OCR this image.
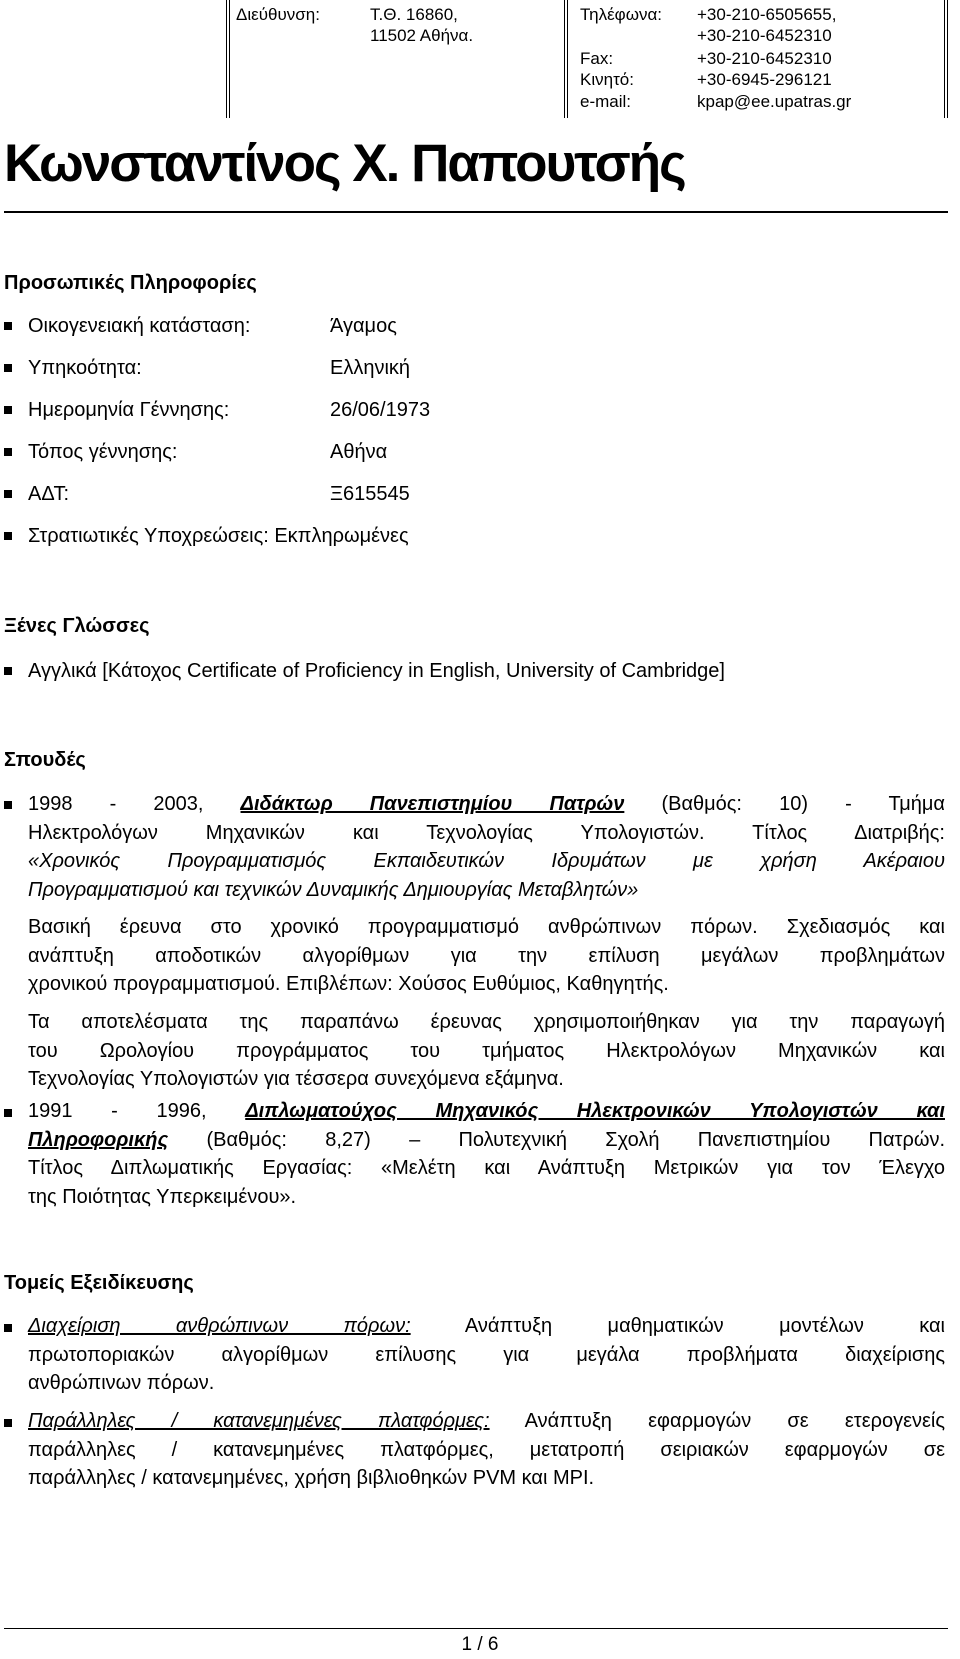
Διεύθυνση:	Τ.Θ. 16860,
11502 Αθήνα.
Τηλέφωνα: +30-210-6505655,
+30-210-6452310
Fax:	+30-210-6452310
Κινητό:	+30-6945-296121
e-mail:	kpap@ee.upatras.gr
Κωνσταντίνος Χ. Παπουτσής
Προσωπικές Πληροφορίες
Οικογενειακή κατάσταση:	Άγαμος
Υπηκοότητα:	Ελληνική
Ημερομηνία Γέννησης:	26/06/1973
Τόπος γέννησης:	Αθήνα
ΑΔΤ:	Ξ615545
Στρατιωτικές Υποχρεώσεις: Εκπληρωμένες
Ξένες Γλώσσες
Αγγλικά [Κάτοχος Certificate of Proficiency in English, University of Cambridge]
Σπουδές
1998 - 2003, Διδάκτωρ Πανεπιστημίου Πατρών (Βαθμός: 10) - Τμήμα
Ηλεκτρολόγων Μηχανικών και Τεχνολογίας Υπολογιστών. Τίτλος Διατριβής:
«Χρονικός Προγραμματισμός Εκπαιδευτικών Ιδρυμάτων με χρήση Ακέραιου
Προγραμματισμού και τεχνικών Δυναμικής Δημιουργίας Μεταβλητών»
Βασική έρευνα στο χρονικό προγραμματισμό ανθρώπινων πόρων. Σχεδιασμός και
ανάπτυξη αποδοτικών αλγορίθμων για την επίλυση μεγάλων προβλημάτων
χρονικού προγραμματισμού. Επιβλέπων: Χούσος Ευθύμιος, Καθηγητής.
Τα αποτελέσματα της παραπάνω έρευνας χρησιμοποιήθηκαν για την παραγωγή
του Ωρολογίου προγράμματος του τμήματος Ηλεκτρολόγων Μηχανικών και
Τεχνολογίας Υπολογιστών για τέσσερα συνεχόμενα εξάμηνα.
1991 - 1996, Διπλωματούχος Μηχανικός Ηλεκτρονικών Υπολογιστών και
Πληροφορικής (Βαθμός: 8,27) – Πολυτεχνική Σχολή Πανεπιστημίου Πατρών.
Τίτλος Διπλωματικής Εργασίας: «Μελέτη και Ανάπτυξη Μετρικών για τον Έλεγχο
της Ποιότητας Υπερκειμένου».
Τομείς Εξειδίκευσης
Διαχείριση ανθρώπινων πόρων:	Ανάπτυξη μαθηματικών μοντέλων και
πρωτοποριακών αλγορίθμων επίλυσης για μεγάλα προβλήματα διαχείρισης
ανθρώπινων πόρων.
Παράλληλες / κατανεμημένες πλατφόρμες: Ανάπτυξη εφαρμογών σε ετερογενείς
παράλληλες / κατανεμημένες πλατφόρμες, μετατροπή σειριακών εφαρμογών σε
παράλληλες / κατανεμημένες, χρήση βιβλιοθηκών PVM και MPI.
1 / 6
